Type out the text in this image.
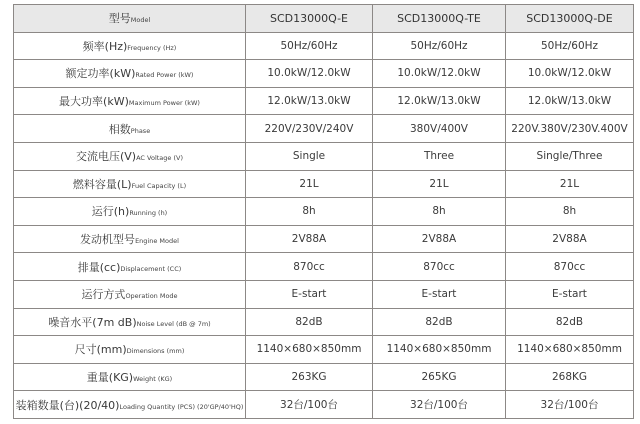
型号Model	SCD13000Q-E	SCD13000Q-TE	SCD13000Q-DE
频率(Hz)Frequency (Hz)	50Hz/60Hz	50Hz/60Hz	50Hz/60Hz
额定功率(kW)Rated Power (kW)	10.0kW/12.0kW	10.0kW/12.0kW	10.0kW/12.0kW
最大功率(kW)Maximum Power (kW)	12.0kW/13.0kW	12.0kW/13.0kW	12.0kW/13.0kW
相数Phase	220V/230V/240V	380V/400V	220V.380V/230V.400V
交流电压(V)AC Voltage (V)	Single	Three	Single/Three
燃料容量(L)Fuel Capacity (L)	21L	21L	21L
运行(h)Running (h)	8h	8h	8h
发动机型号Engine Model	2V88A	2V88A	2V88A
排量(cc)Displacement (CC)	870cc	870cc	870cc
运行方式Operation Mode	E-start	E-start	E-start
噪音水平(7m dB)Noise Level (dB @ 7m)	82dB	82dB	82dB
尺寸(mm)Dimensions (mm)	1140×680×850mm	1140×680×850mm	1140×680×850mm
重量(KG)Weight (KG)	263KG	265KG	268KG
装箱数量(台)(20/40)Loading Quantity (PCS) (20'GP/40'HQ)	32台/100台	32台/100台	32台/100台
